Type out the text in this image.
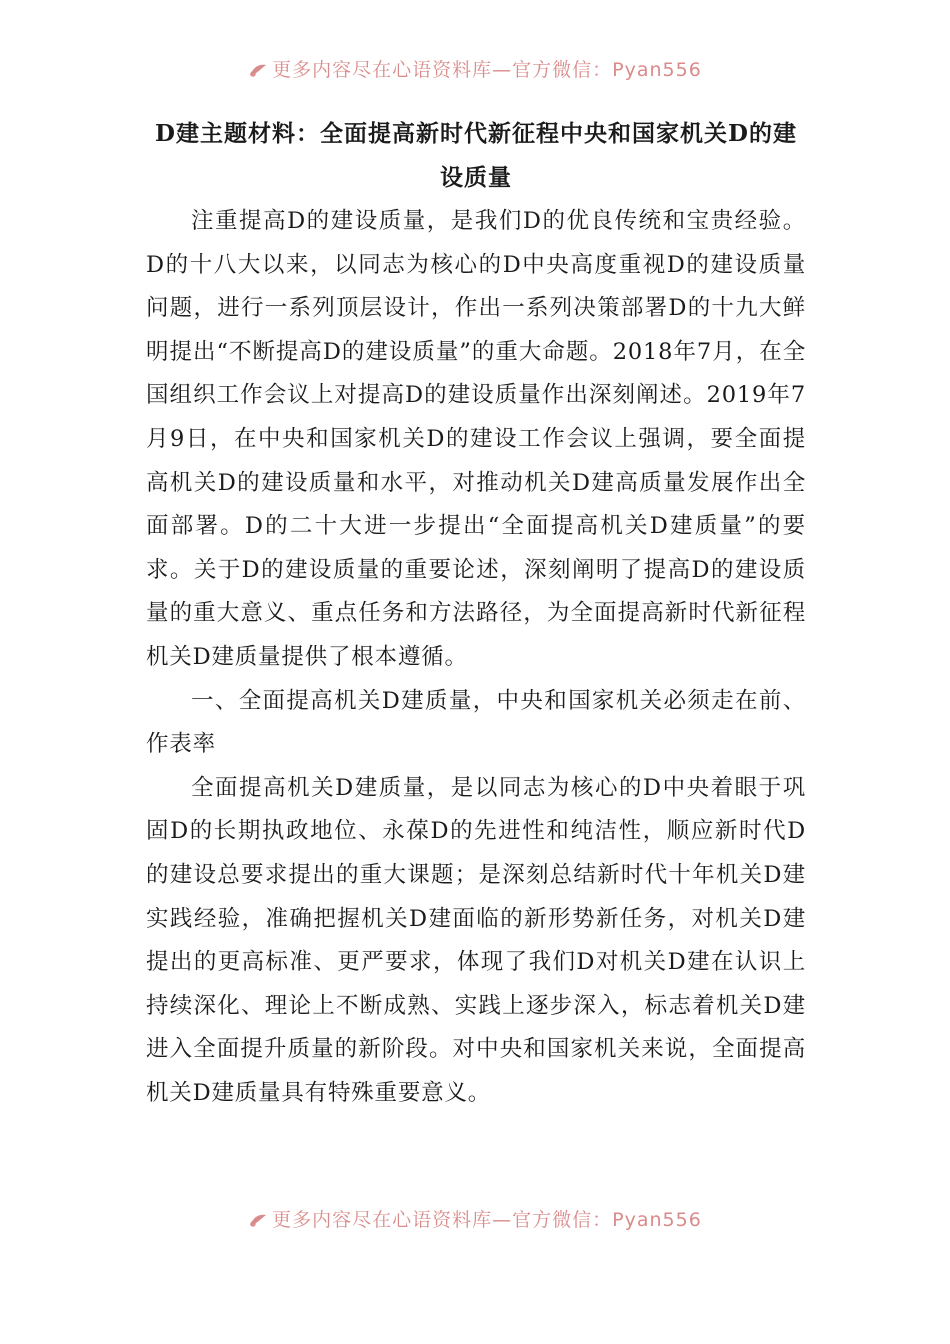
更多内容尽在心语资料库—官方微信：Pyan556
D建主题材料：全面提高新时代新征程中央和国家机关D的建设质量

注重提高D的建设质量，是我们D的优良传统和宝贵经验。D的十八大以来，以同志为核心的D中央高度重视D的建设质量问题，进行一系列顶层设计，作出一系列决策部署D的十九大鲜明提出“不断提高D的建设质量”的重大命题。2018年7月，在全国组织工作会议上对提高D的建设质量作出深刻阐述。2019年7月9日，在中央和国家机关D的建设工作会议上强调，要全面提高机关D的建设质量和水平，对推动机关D建高质量发展作出全面部署。D的二十大进一步提出“全面提高机关D建质量”的要求。关于D的建设质量的重要论述，深刻阐明了提高D的建设质量的重大意义、重点任务和方法路径，为全面提高新时代新征程机关D建质量提供了根本遵循。

一、全面提高机关D建质量，中央和国家机关必须走在前、作表率

全面提高机关D建质量，是以同志为核心的D中央着眼于巩固D的长期执政地位、永葆D的先进性和纯洁性，顺应新时代D的建设总要求提出的重大课题；是深刻总结新时代十年机关D建实践经验，准确把握机关D建面临的新形势新任务，对机关D建提出的更高标准、更严要求，体现了我们D对机关D建在认识上持续深化、理论上不断成熟、实践上逐步深入，标志着机关D建进入全面提升质量的新阶段。对中央和国家机关来说，全面提高机关D建质量具有特殊重要意义。

更多内容尽在心语资料库—官方微信：Pyan556
